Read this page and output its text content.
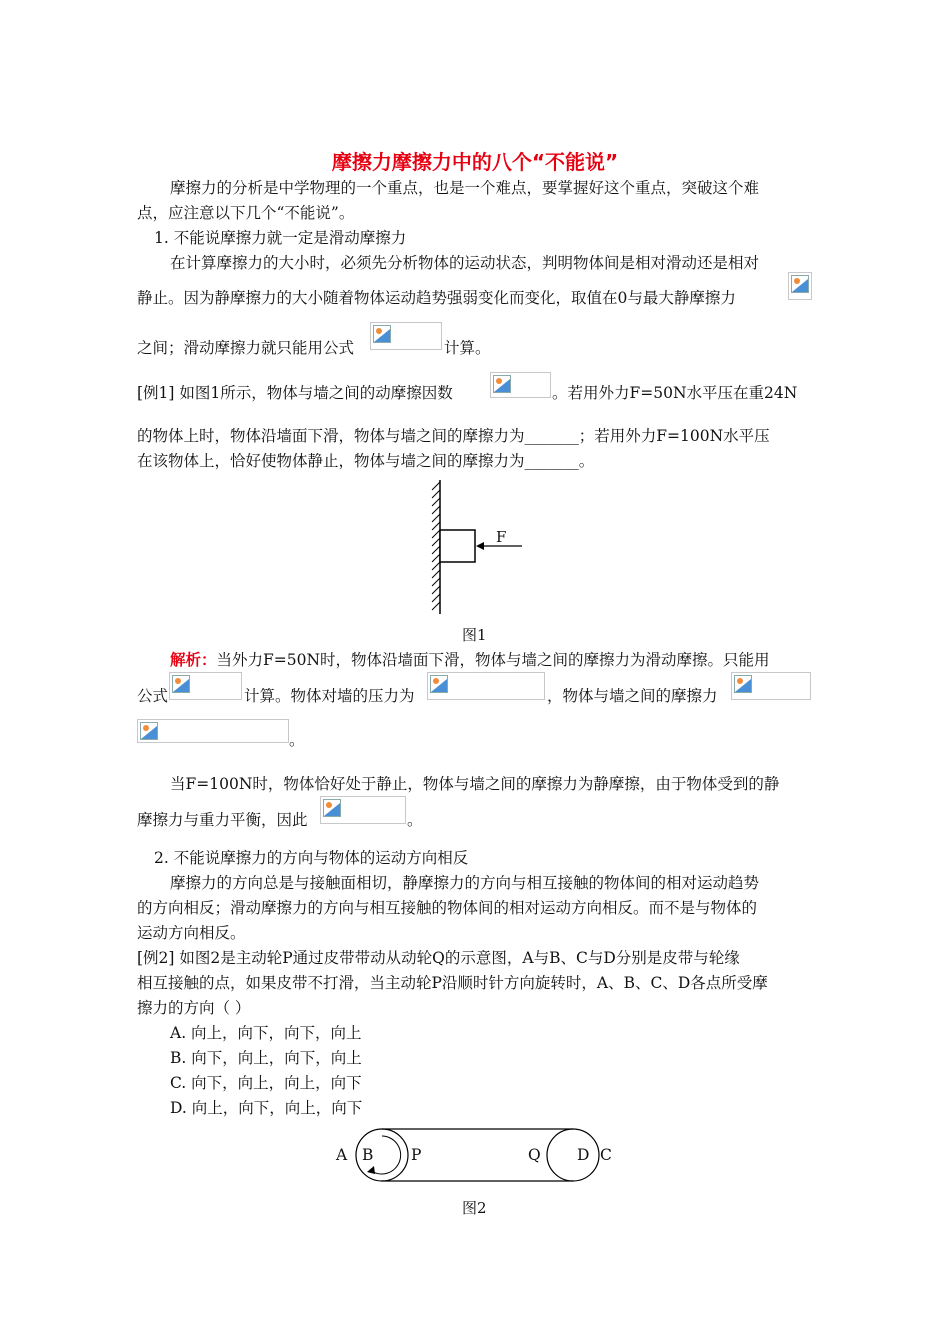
摩擦力摩擦力中的八个“不能说”
摩擦力的分析是中学物理的一个重点，也是一个难点，要掌握好这个重点，突破这个难
点，应注意以下几个“不能说”。
1. 不能说摩擦力就一定是滑动摩擦力
在计算摩擦力的大小时，必须先分析物体的运动状态，判明物体间是相对滑动还是相对
静止。因为静摩擦力的大小随着物体运动趋势强弱变化而变化，取值在0与最大静摩擦力
之间；滑动摩擦力就只能用公式	计算。
[例1] 如图1所示，物体与墙之间的动摩擦因数	。若用外力F=50N水平压在重24N
的物体上时，物体沿墙面下滑，物体与墙之间的摩擦力为_______；若用外力F=100N水平压
在该物体上，恰好使物体静止，物体与墙之间的摩擦力为_______。
F
图1
解析：当外力F=50N时，物体沿墙面下滑，物体与墙之间的摩擦力为滑动摩擦。只能用
公式	计算。物体对墙的压力为	，物体与墙之间的摩擦力
。
当F=100N时，物体恰好处于静止，物体与墙之间的摩擦力为静摩擦，由于物体受到的静
摩擦力与重力平衡，因此	。
2. 不能说摩擦力的方向与物体的运动方向相反
摩擦力的方向总是与接触面相切，静摩擦力的方向与相互接触的物体间的相对运动趋势
的方向相反；滑动摩擦力的方向与相互接触的物体间的相对运动方向相反。而不是与物体的
运动方向相反。
[例2] 如图2是主动轮P通过皮带带动从动轮Q的示意图，A与B、C与D分别是皮带与轮缘
相互接触的点，如果皮带不打滑，当主动轮P沿顺时针方向旋转时，A、B、C、D各点所受摩
擦力的方向（ ）
A. 向上，向下，向下，向上
B. 向下，向上，向下，向上
C. 向下，向上，向上，向下
D. 向上，向下，向上，向下
A B P	Q D C
图2
